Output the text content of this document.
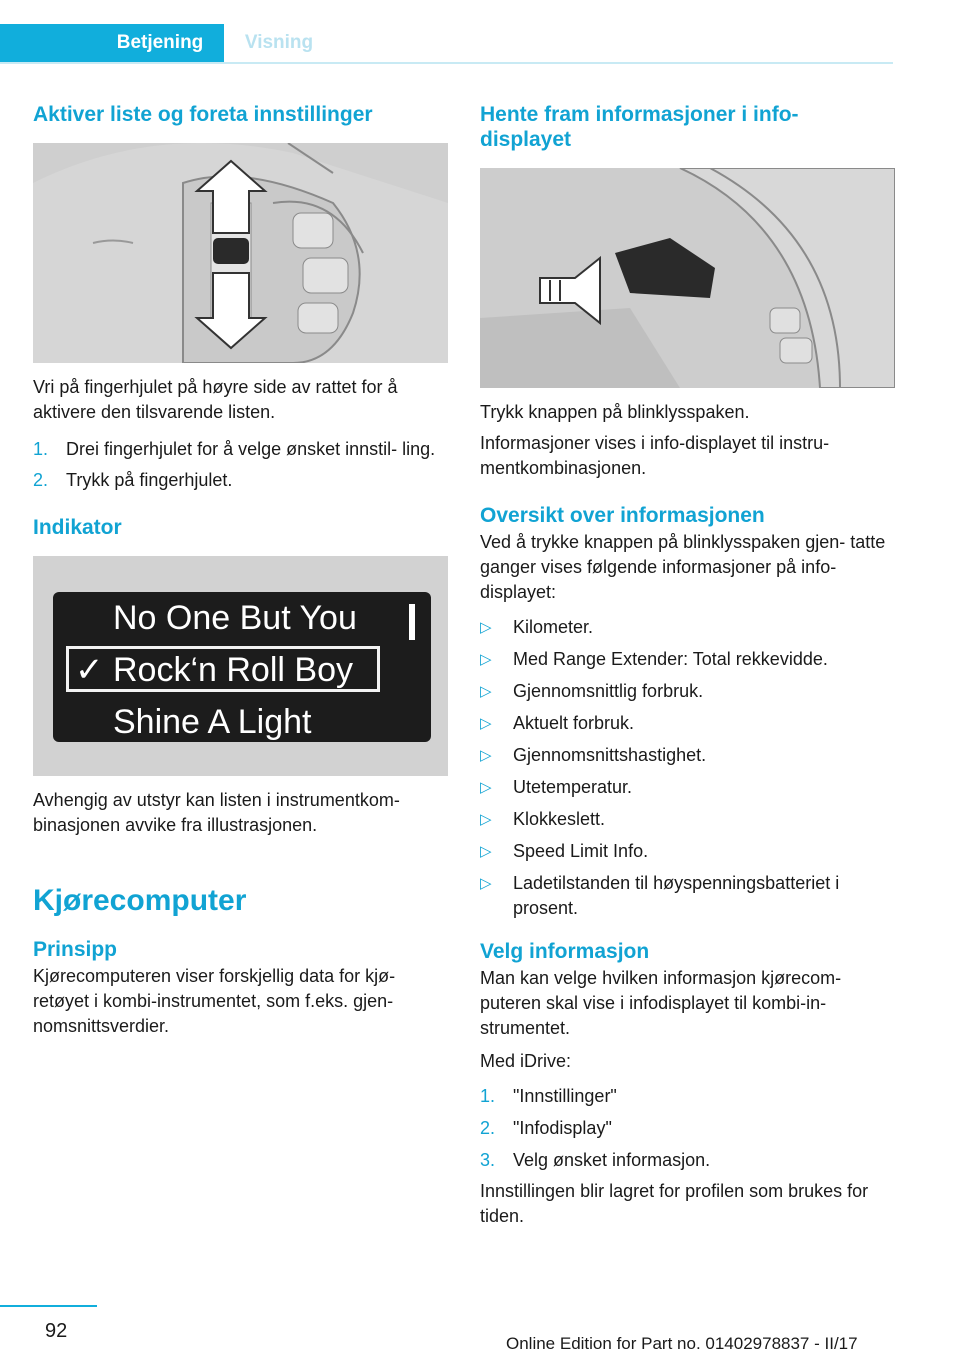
Betjening	Visning
Aktiver liste og foreta innstillinger

Vri på fingerhjulet på høyre side av rattet for å aktivere den tilsvarende listen.

1. Drei fingerhjulet for å velge ønsket innstil‐ ling.
2. Trykk på fingerhjulet.
Indikator
No One But You
✓ Rock‘n Roll Boy
Shine A Light

Avhengig av utstyr kan listen i instrumentkom‐ binasjonen avvike fra illustrasjonen.

Kjørecomputer
Prinsipp

Kjørecomputeren viser forskjellig data for kjø‐ retøyet i kombi-instrumentet, som f.eks. gjen‐ nomsnittsverdier.

Hente fram informasjoner i info‐ displayet

Trykk knappen på blinklysspaken.

Informasjoner vises i info-displayet til instru‐ mentkombinasjonen.

Oversikt over informasjonen

Ved å trykke knappen på blinklysspaken gjen‐ tatte ganger vises følgende informasjoner på info-displayet:

▷	Kilometer.
▷	Med Range Extender: Total rekkevidde.
▷	Gjennomsnittlig forbruk.
▷	Aktuelt forbruk.
▷	Gjennomsnittshastighet.
▷	Utetemperatur.
▷	Klokkeslett.
▷	Speed Limit Info.
▷	Ladetilstanden til høyspenningsbatteriet i prosent.
Velg informasjon

Man kan velge hvilken informasjon kjørecom‐ puteren skal vise i infodisplayet til kombi-in‐ strumentet.

Med iDrive:

1. "Innstillinger"
2. "Infodisplay"
3. Velg ønsket informasjon.

Innstillingen blir lagret for profilen som brukes for tiden.

92
Online Edition for Part no. 01402978837 - II/17
